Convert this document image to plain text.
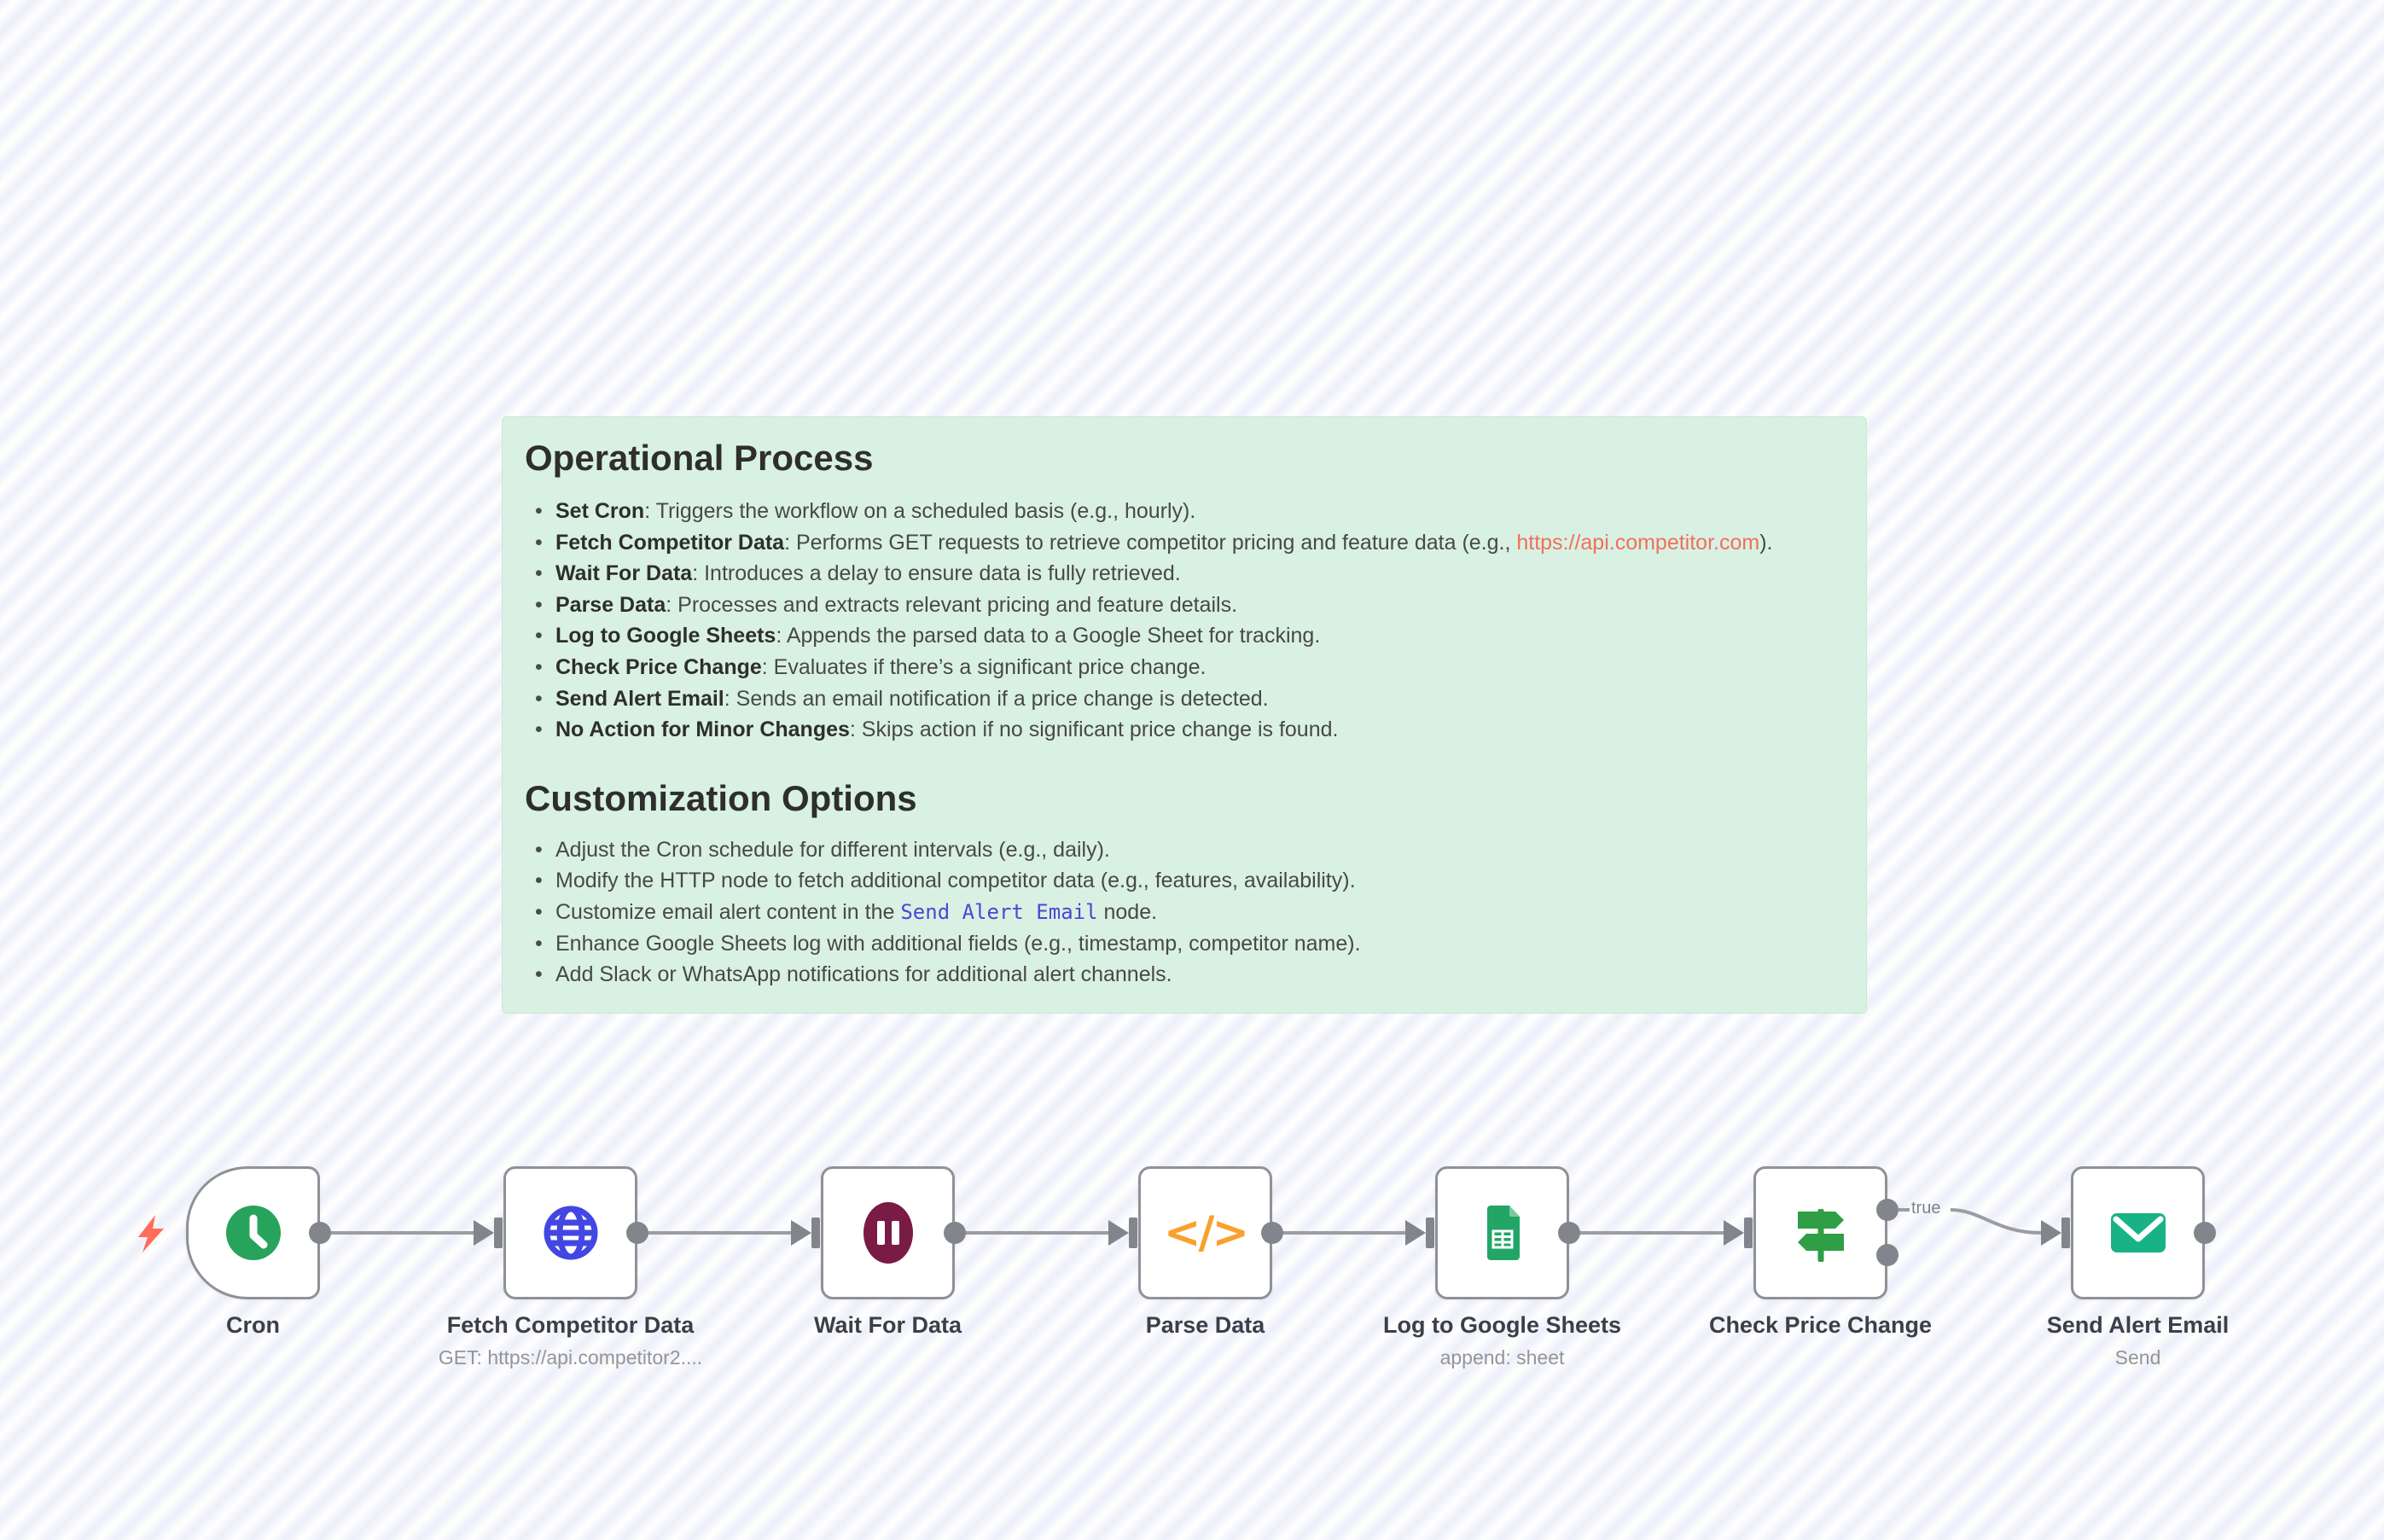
Operational Process
• Set Cron: Triggers the workflow on a scheduled basis (e.g., hourly).
• Fetch Competitor Data: Performs GET requests to retrieve competitor pricing and feature data (e.g., https://api.competitor.com).
• Wait For Data: Introduces a delay to ensure data is fully retrieved.
• Parse Data: Processes and extracts relevant pricing and feature details.
• Log to Google Sheets: Appends the parsed data to a Google Sheet for tracking.
• Check Price Change: Evaluates if there’s a significant price change.
• Send Alert Email: Sends an email notification if a price change is detected.
• No Action for Minor Changes: Skips action if no significant price change is found.
Customization Options
• Adjust the Cron schedule for different intervals (e.g., daily).
• Modify the HTTP node to fetch additional competitor data (e.g., features, availability).
• Customize email alert content in the Send Alert Email node.
• Enhance Google Sheets log with additional fields (e.g., timestamp, competitor name).
• Add Slack or WhatsApp notifications for additional alert channels.
Cron	Fetch Competitor Data
GET: https://api.competitor2....
Wait For Data
</>
Parse Data	Log to Google Sheets
append: sheet
Check Price Change	Send Alert Email
Send
true
